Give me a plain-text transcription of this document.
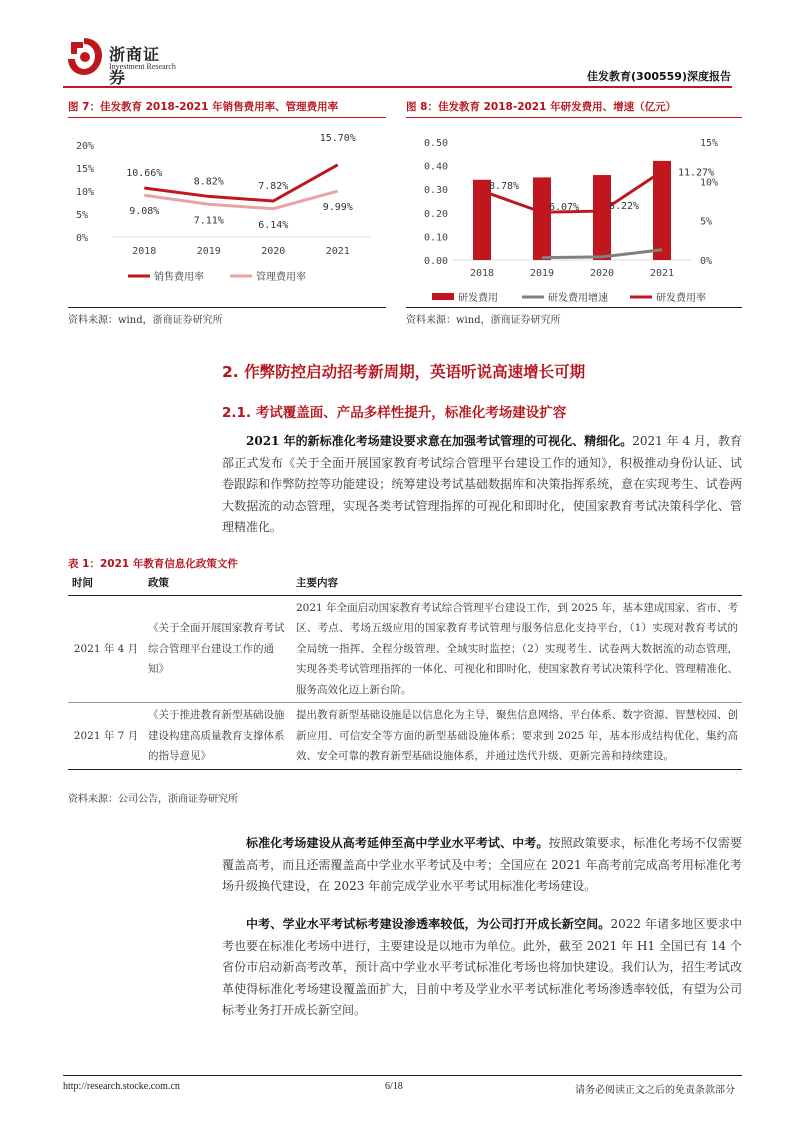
浙商证券
Investment Research
佳发教育(300559)深度报告
图 7：佳发教育 2018-2021 年销售费用率、管理费用率
20%
15%
10%
5%
0%
2018	2019	2020	2021
10.66%
8.82%	7.82%
15.70%
9.08%
7.11%	6.14%
9.99%
销售费用率	管理费用率
资料来源：wind，浙商证券研究所
图 8：佳发教育 2018-2021 年研发费用、增速（亿元）
0.50
0.40
0.30
0.20
0.10
0.00
15%
10%
5%
0%
2018	2019	2020	2021
8.78%
6.07%	6.22%
11.27%
研发费用	研发费用增速	研发费用率
资料来源：wind，浙商证券研究所
2. 作弊防控启动招考新周期，英语听说高速增长可期
2.1. 考试覆盖面、产品多样性提升，标准化考场建设扩容
2021 年的新标准化考场建设要求意在加强考试管理的可视化、精细化。2021 年 4 月，教育部正式发布《关于全面开展国家教育考试综合管理平台建设工作的通知》，积极推动身份认证、试卷跟踪和作弊防控等功能建设；统筹建设考试基础数据库和决策指挥系统，意在实现考生、试卷两大数据流的动态管理，实现各类考试管理指挥的可视化和即时化，使国家教育考试决策科学化、管理精准化。
表 1：2021 年教育信息化政策文件
时间	政策	主要内容
2021 年 4 月	《关于全面开展国家教育考试综合管理平台建设工作的通知》	2021 年全面启动国家教育考试综合管理平台建设工作，到 2025 年，基本建成国家、省市、考区、考点、考场五级应用的国家教育考试管理与服务信息化支持平台，（1）实现对教育考试的全局统一指挥、全程分级管理、全域实时监控；（2）实现考生、试卷两大数据流的动态管理，实现各类考试管理指挥的一体化、可视化和即时化，使国家教育考试决策科学化、管理精准化、服务高效化迈上新台阶。
2021 年 7 月	《关于推进教育新型基础设施建设构建高质量教育支撑体系的指导意见》	提出教育新型基础设施是以信息化为主导，聚焦信息网络、平台体系、数字资源、智慧校园、创新应用、可信安全等方面的新型基础设施体系；要求到 2025 年，基本形成结构优化、集约高效、安全可靠的教育新型基础设施体系，并通过迭代升级、更新完善和持续建设。
资料来源：公司公告，浙商证券研究所
标准化考场建设从高考延伸至高中学业水平考试、中考。按照政策要求，标准化考场不仅需要覆盖高考，而且还需覆盖高中学业水平考试及中考；全国应在 2021 年高考前完成高考用标准化考场升级换代建设，在 2023 年前完成学业水平考试用标准化考场建设。
中考、学业水平考试标考建设渗透率较低，为公司打开成长新空间。2022 年诸多地区要求中考也要在标准化考场中进行，主要建设是以地市为单位。此外，截至 2021 年 H1 全国已有 14 个省份市启动新高考改革，预计高中学业水平考试标准化考场也将加快建设。我们认为，招生考试改革使得标准化考场建设覆盖面扩大，目前中考及学业水平考试标准化考场渗透率较低，有望为公司标考业务打开成长新空间。
http://research.stocke.com.cn	6/18	请务必阅读正文之后的免责条款部分
